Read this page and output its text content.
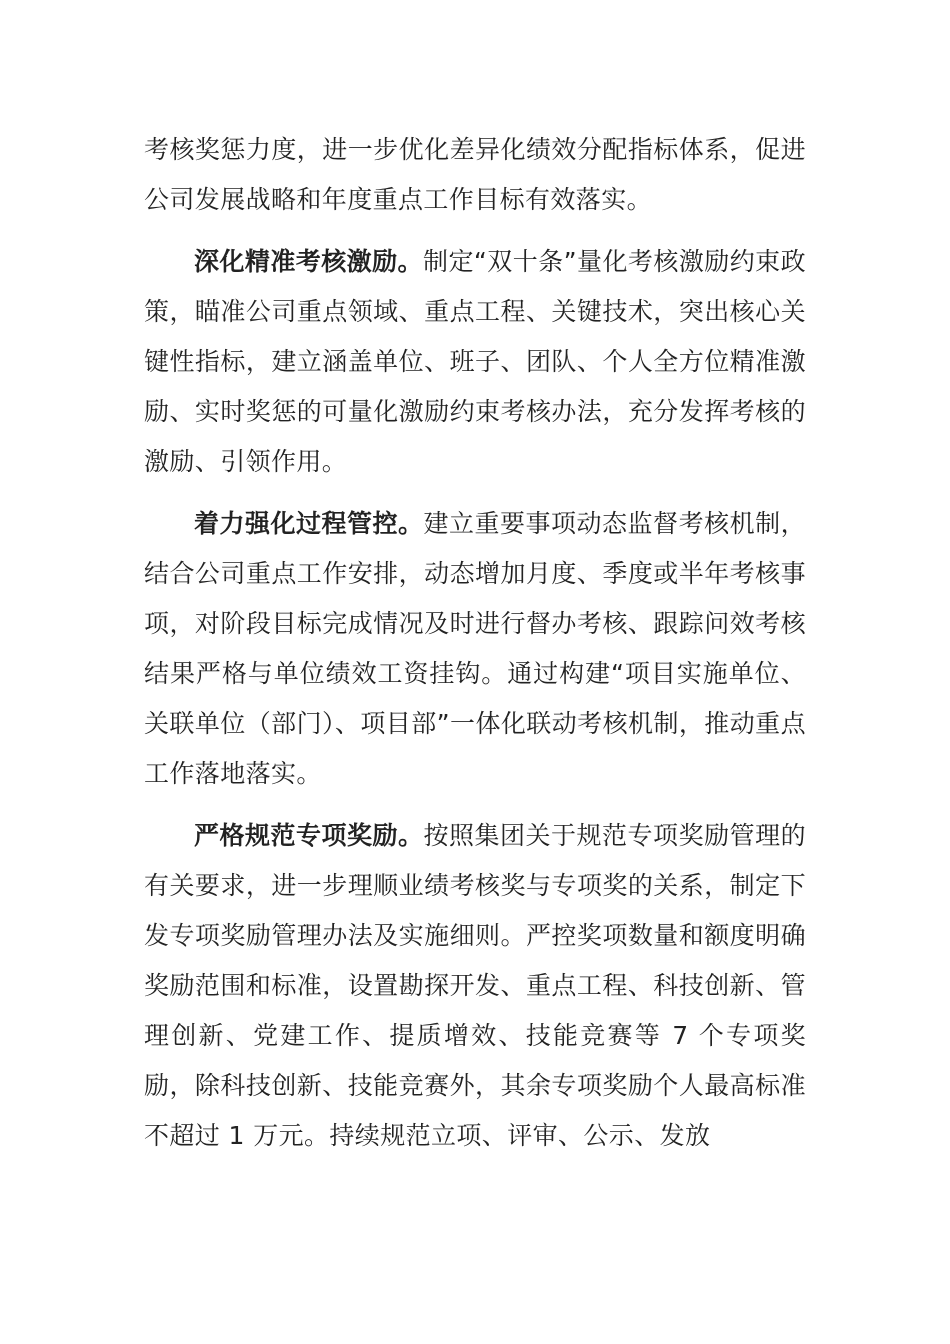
考核奖惩力度，进一步优化差异化绩效分配指标体系，促进公司发展战略和年度重点工作目标有效落实。

深化精准考核激励。制定“双十条”量化考核激励约束政策，瞄准公司重点领域、重点工程、关键技术，突出核心关键性指标，建立涵盖单位、班子、团队、个人全方位精准激励、实时奖惩的可量化激励约束考核办法，充分发挥考核的激励、引领作用。

着力强化过程管控。建立重要事项动态监督考核机制，结合公司重点工作安排，动态增加月度、季度或半年考核事项，对阶段目标完成情况及时进行督办考核、跟踪问效考核结果严格与单位绩效工资挂钩。通过构建“项目实施单位、关联单位（部门）、项目部”一体化联动考核机制，推动重点工作落地落实。

严格规范专项奖励。按照集团关于规范专项奖励管理的有关要求，进一步理顺业绩考核奖与专项奖的关系，制定下发专项奖励管理办法及实施细则。严控奖项数量和额度明确奖励范围和标准，设置勘探开发、重点工程、科技创新、管理创新、党建工作、提质增效、技能竞赛等 7 个专项奖励，除科技创新、技能竞赛外，其余专项奖励个人最高标准不超过 1 万元。持续规范立项、评审、公示、发放
